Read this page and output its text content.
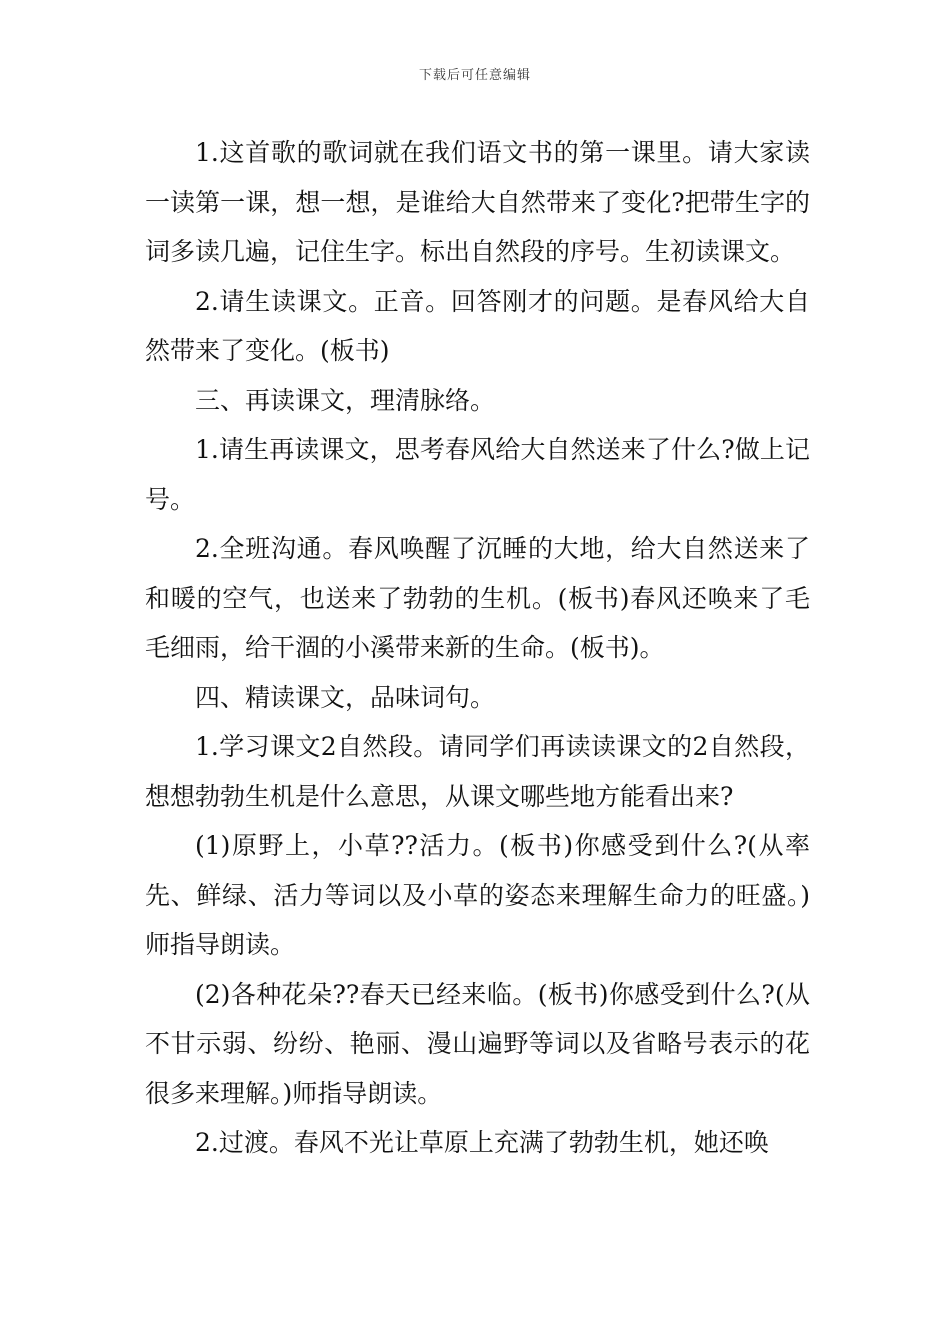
下载后可任意编辑

1.这首歌的歌词就在我们语文书的第一课里。请大家读一读第一课，想一想，是谁给大自然带来了变化?把带生字的词多读几遍，记住生字。标出自然段的序号。生初读课文。

2.请生读课文。正音。回答刚才的问题。是春风给大自然带来了变化。(板书)

三、再读课文，理清脉络。

1.请生再读课文，思考春风给大自然送来了什么?做上记号。

2.全班沟通。春风唤醒了沉睡的大地，给大自然送来了和暖的空气，也送来了勃勃的生机。(板书)春风还唤来了毛毛细雨，给干涸的小溪带来新的生命。(板书)。

四、精读课文，品味词句。

1.学习课文2自然段。请同学们再读读课文的2自然段，想想勃勃生机是什么意思，从课文哪些地方能看出来?

(1)原野上，小草??活力。(板书)你感受到什么?(从率先、鲜绿、活力等词以及小草的姿态来理解生命力的旺盛。)师指导朗读。

(2)各种花朵??春天已经来临。(板书)你感受到什么?(从不甘示弱、纷纷、艳丽、漫山遍野等词以及省略号表示的花很多来理解。)师指导朗读。

2.过渡。春风不光让草原上充满了勃勃生机，她还唤
